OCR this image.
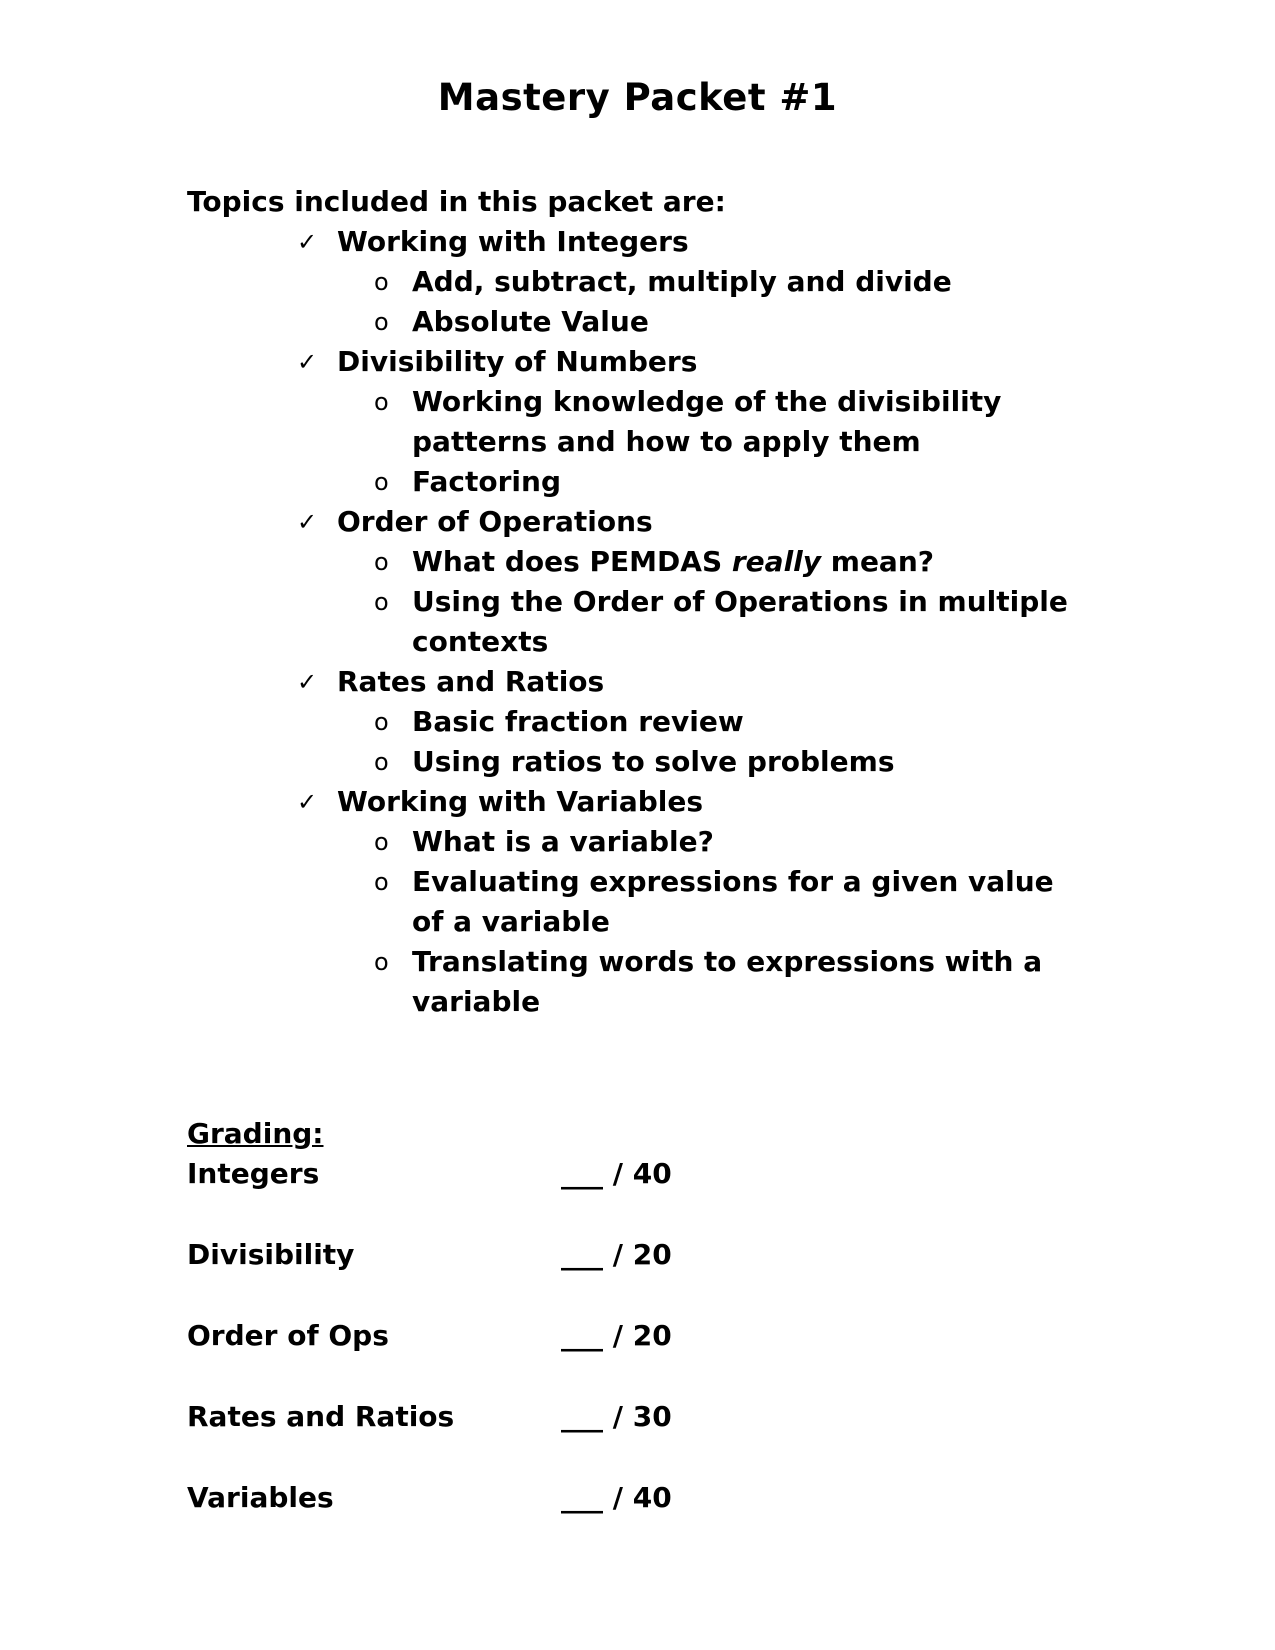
Mastery Packet #1

Topics included in this packet are:

✓ Working with Integers
o Add, subtract, multiply and divide
o Absolute Value
✓ Divisibility of Numbers
o Working knowledge of the divisibility patterns and how to apply them
o Factoring
✓ Order of Operations
o What does PEMDAS really mean?
o Using the Order of Operations in multiple contexts
✓ Rates and Ratios
o Basic fraction review
o Using ratios to solve problems
✓ Working with Variables
o What is a variable?
o Evaluating expressions for a given value of a variable
o Translating words to expressions with a variable

Grading:

Integers	___ / 40
Divisibility	___ / 20
Order of Ops	___ / 20
Rates and Ratios	___ / 30
Variables	___ / 40
